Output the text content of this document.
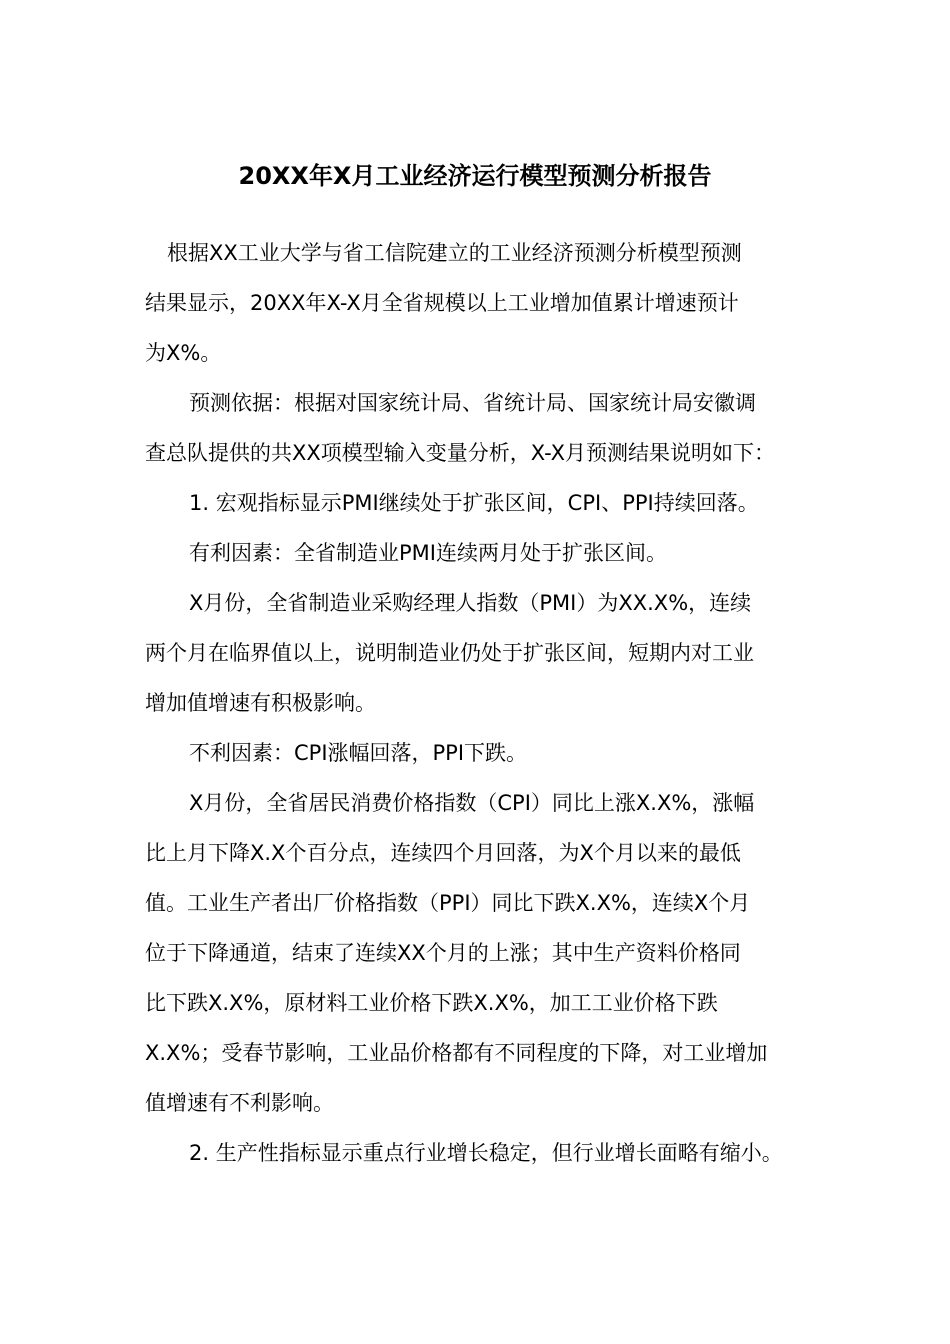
20XX年X月工业经济运行模型预测分析报告
根据XX工业大学与省工信院建立的工业经济预测分析模型预测
结果显示，20XX年X-X月全省规模以上工业增加值累计增速预计
为X%。
预测依据：根据对国家统计局、省统计局、国家统计局安徽调
查总队提供的共XX项模型输入变量分析，X-X月预测结果说明如下：
1. 宏观指标显示PMI继续处于扩张区间，CPI、PPI持续回落。
有利因素：全省制造业PMI连续两月处于扩张区间。
X月份，全省制造业采购经理人指数（PMI）为XX.X%，连续
两个月在临界值以上，说明制造业仍处于扩张区间，短期内对工业
增加值增速有积极影响。
不利因素：CPI涨幅回落，PPI下跌。
X月份，全省居民消费价格指数（CPI）同比上涨X.X%，涨幅
比上月下降X.X个百分点，连续四个月回落，为X个月以来的最低
值。工业生产者出厂价格指数（PPI）同比下跌X.X%，连续X个月
位于下降通道，结束了连续XX个月的上涨；其中生产资料价格同
比下跌X.X%，原材料工业价格下跌X.X%，加工工业价格下跌
X.X%；受春节影响，工业品价格都有不同程度的下降，对工业增加
值增速有不利影响。
2. 生产性指标显示重点行业增长稳定，但行业增长面略有缩小。
